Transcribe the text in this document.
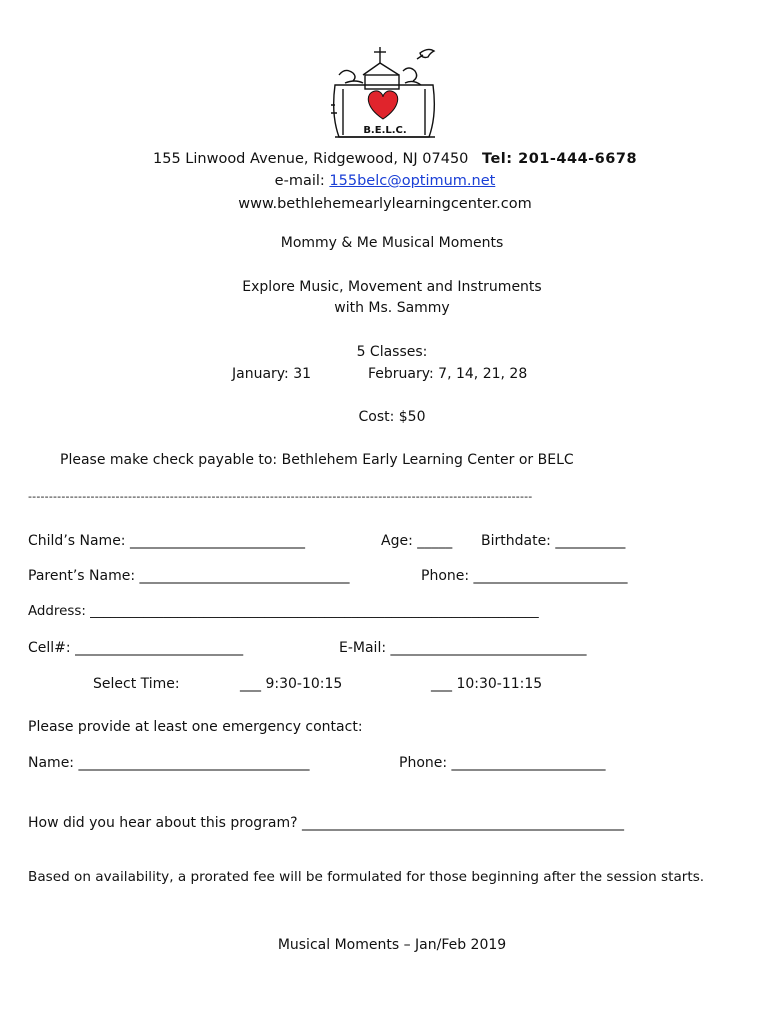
B.E.L.C.
155 Linwood Avenue, Ridgewood, NJ 07450 Tel: 201-444-6678
e-mail: 155belc@optimum.net
www.bethlehemearlylearningcenter.com
Mommy & Me Musical Moments
Explore Music, Movement and Instruments
with Ms. Sammy
5 Classes:
January: 31	February: 7, 14, 21, 28
Cost: $50
Please make check payable to: Bethlehem Early Learning Center or BELC
-------------------------------------------------------------------------------------------------------------------------
Child’s Name: _________________________	Age: _____ Birthdate: __________
Parent’s Name: ______________________________	Phone: ______________________
Address: ___________________________________________________________________
Cell#: ________________________	E-Mail: ____________________________
Select Time:	___ 9:30-10:15	___ 10:30-11:15
Please provide at least one emergency contact:
Name: _________________________________	Phone: ______________________
How did you hear about this program? ______________________________________________
Based on availability, a prorated fee will be formulated for those beginning after the session starts.
Musical Moments – Jan/Feb 2019
